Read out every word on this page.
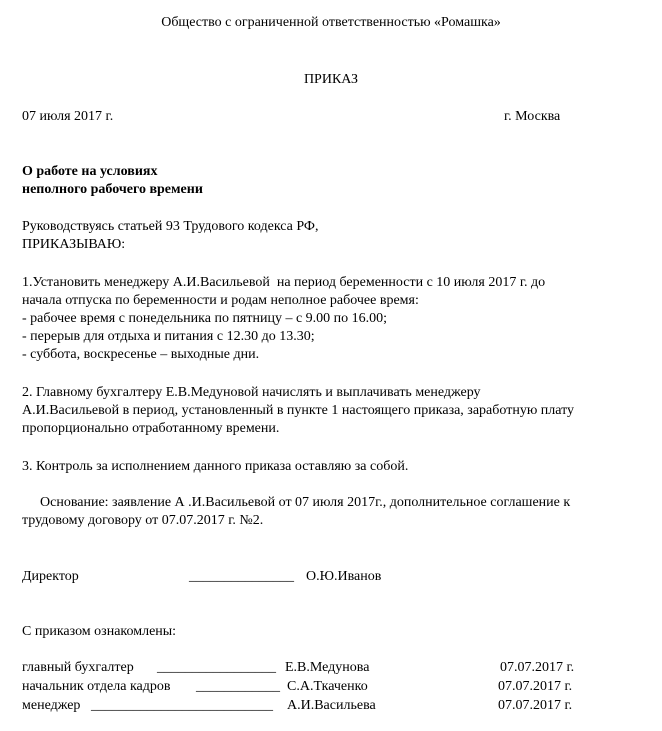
Общество с ограниченной ответственностью «Ромашка»
ПРИКАЗ
07 июля 2017 г.	г. Москва
О работе на условиях
неполного рабочего времени
Руководствуясь статьей 93 Трудового кодекса РФ,
ПРИКАЗЫВАЮ:
1.Установить менеджеру А.И.Васильевой  на период беременности с 10 июля 2017 г. до
начала отпуска по беременности и родам неполное рабочее время:
- рабочее время с понедельника по пятницу – с 9.00 по 16.00;
- перерыв для отдыха и питания с 12.30 до 13.30;
- суббота, воскресенье – выходные дни.
2. Главному бухгалтеру Е.В.Медуновой начислять и выплачивать менеджеру
А.И.Васильевой в период, установленный в пункте 1 настоящего приказа, заработную плату
пропорционально отработанному времени.
3. Контроль за исполнением данного приказа оставляю за собой.
Основание: заявление А .И.Васильевой от 07 июля 2017г., дополнительное соглашение к
трудовому договору от 07.07.2017 г. №2.
Директор	_______________ О.Ю.Иванов
С приказом ознакомлены:
главный бухгалтер _________________ Е.В.Медунова	07.07.2017 г.
начальник отдела кадров ____________ С.А.Ткаченко	07.07.2017 г.
менеджер __________________________ А.И.Васильева	07.07.2017 г.
